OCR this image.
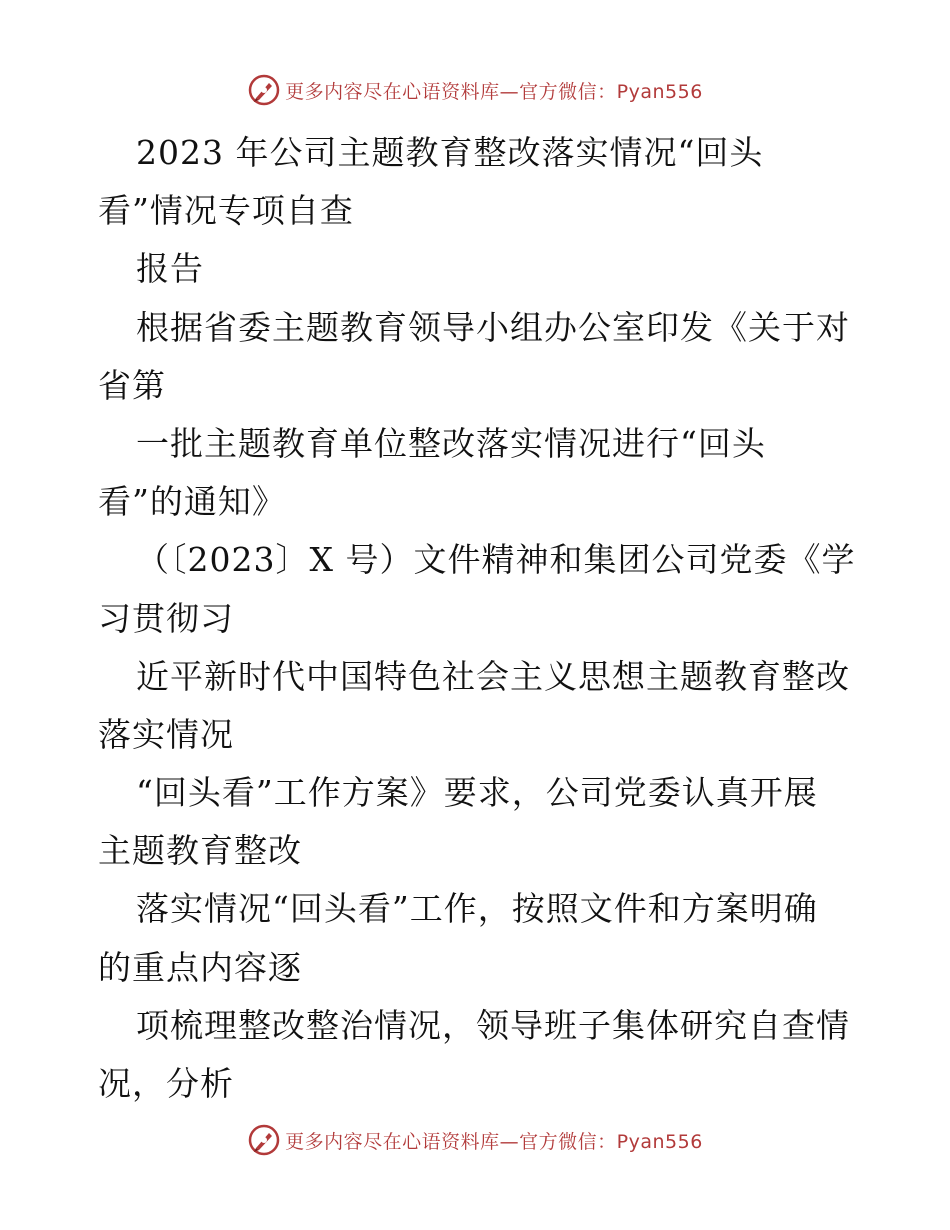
更多内容尽在心语资料库—官方微信：Pyan556
2023 年公司主题教育整改落实情况“回头
看”情况专项自查
报告
根据省委主题教育领导小组办公室印发《关于对
省第
一批主题教育单位整改落实情况进行“回头
看”的通知》
（〔2023〕X 号）文件精神和集团公司党委《学
习贯彻习
近平新时代中国特色社会主义思想主题教育整改
落实情况
“回头看”工作方案》要求，公司党委认真开展
主题教育整改
落实情况“回头看”工作，按照文件和方案明确
的重点内容逐
项梳理整改整治情况，领导班子集体研究自查情
况，分析
更多内容尽在心语资料库—官方微信：Pyan556
